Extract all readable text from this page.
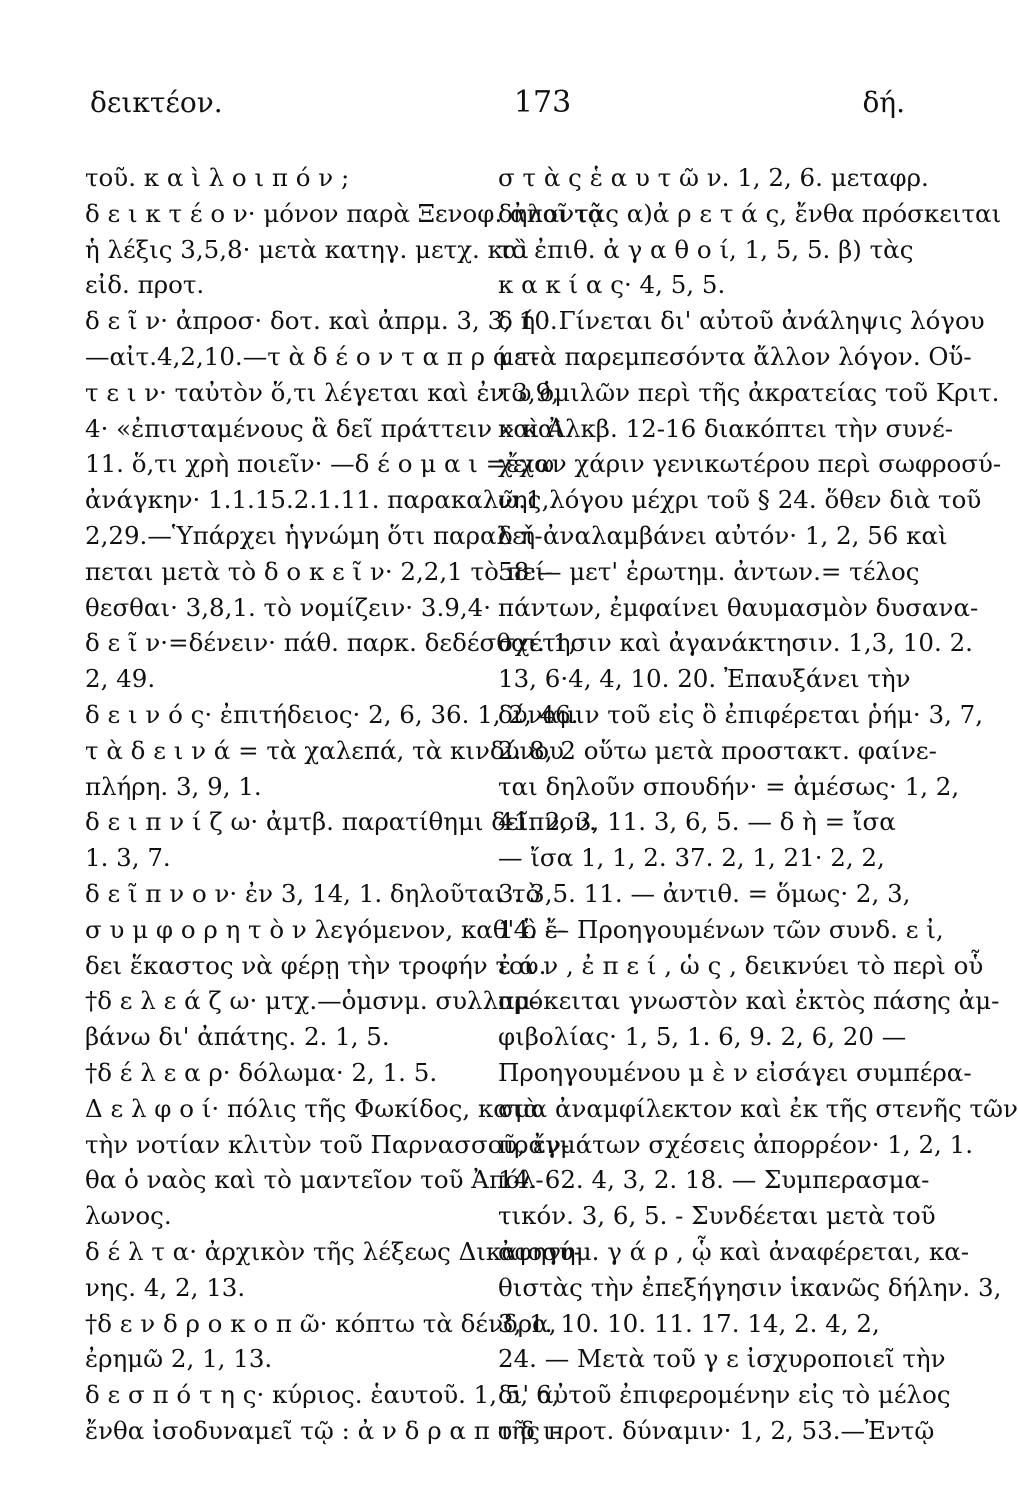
δεικτέον.	173	δή.
τοῦ. κ α ὶ λ ο ι π ό ν ;
δ ε ι κ τ έ ο ν· μόνον παρὰ Ξενοφ. ἀπαντᾷ
ἡ λέξις 3,5,8· μετὰ κατηγ. μετχ. καὶ
εἰδ. προτ.
δ ε ῖ ν· ἀπροσ· δοτ. καὶ ἀπρμ. 3, 3, 10.
—αἰτ.4,2,10.—τ ὰ δ έ ο ν τ α π ρ ά τ-
τ ε ι ν· ταὐτὸν ὅ,τι λέγεται καὶ ἐν 3,9,
4· «ἐπισταμένους ἃ δεῖ πράττειν » καὶ
11. ὅ,τι χρὴ ποιεῖν· —δ έ ο μ α ι =ἔχω
ἀνάγκην· 1.1.15.2.1.11. παρακαλῶ.1,
2,29.—Ὑπάρχει ἡγνώμη ὅτι παραλεί-
πεται μετὰ τὸ δ ο κ ε ῖ ν· 2,2,1 τὸ πεί-
θεσθαι· 3,8,1. τὸ νομίζειν· 3.9,4·
δ ε ῖ ν·=δένειν· πάθ. παρκ. δεδέσθαι. 1,
2, 49.
δ ε ι ν ό ς· ἐπιτήδειος· 2, 6, 36. 1, 2, 46.
τ ὰ δ ε ι ν ά = τὰ χαλεπά, τὰ κινδύνου
πλήρη. 3, 9, 1.
δ ε ι π ν ί ζ ω· ἀμτβ. παρατίθημι δεῖπνον.
1. 3, 7.
δ ε ῖ π ν ο ν· ἐν 3, 14, 1. δηλοῦται τὸ
σ υ μ φ ο ρ η τ ὸ ν λεγόμενον, καθ' ὃ ἔ-
δει ἕκαστος νὰ φέρῃ τὴν τροφήν του.
†δ ε λ ε ά ζ ω· μτχ.—ὁμσνμ. συλλαμ-
βάνω δι' ἀπάτης. 2. 1, 5.
†δ έ λ ε α ρ· δόλωμα· 2, 1. 5.
Δ ε λ φ ο ί· πόλις τῆς Φωκίδος, κατὰ
τὴν νοτίαν κλιτὺν τοῦ Παρνασσοῦ, ἔν-
θα ὁ ναὸς καὶ τὸ μαντεῖον τοῦ Ἀπόλ-
λωνος.
δ έ λ τ α· ἀρχικὸν τῆς λέξεως Δικαιοσύ-
νης. 4, 2, 13.
†δ ε ν δ ρ ο κ ο π ῶ· κόπτω τὰ δένδρα,
ἐρημῶ 2, 1, 13.
δ ε σ π ό τ η ς· κύριος. ἑαυτοῦ. 1, 5, 6,
ἔνθα ἰσοδυναμεῖ τῷ : ἀ ν δ ρ α π ο δ ι-
σ τ ὰ ς ἑ α υ τ ῶ ν. 1, 2, 6. μεταφρ.
δηλοῖ τὰς α)ἀ ρ ε τ ά ς, ἔνθα πρόσκειται
τὸ ἐπιθ. ἀ γ α θ ο ί, 1, 5, 5. β) τὰς
κ α κ ί α ς· 4, 5, 5.
δ ή · Γίνεται δι' αὐτοῦ ἀνάληψις λόγου
μετὰ παρεμπεσόντα ἄλλον λόγον. Οὕ-
τω ὁμιλῶν περὶ τῆς ἀκρατείας τοῦ Κριτ.
καὶ Ἀλκβ. 12-16 διακόπτει τὴν συνέ-
χειαν χάριν γενικωτέρου περὶ σωφροσύ-
νης λόγου μέχρι τοῦ § 24. ὅθεν διὰ τοῦ
δ ὴ ἀναλαμβάνει αὐτόν· 1, 2, 56 καὶ
58·— μετ' ἐρωτημ. ἀντων.= τέλος
πάντων, ἐμφαίνει θαυμασμὸν δυσανα-
σχέτησιν καὶ ἀγανάκτησιν. 1,3, 10. 2.
13, 6·4, 4, 10. 20. Ἐπαυξάνει τὴν
δύναμιν τοῦ εἰς ὃ ἐπιφέρεται ῥήμ· 3, 7,
2. 8, 2 οὕτω μετὰ προστακτ. φαίνε-
ται δηλοῦν σπουδήν· = ἀμέσως· 1, 2,
41. 2, 3, 11. 3, 6, 5. — δ ὴ = ἴσα
— ἴσα 1, 1, 2. 37. 2, 1, 21· 2, 2,
3. 3,5. 11. — ἀντιθ. = ὅμως· 2, 3,
14. — Προηγουμένων τῶν συνδ. ε ἰ,
ἐ ά ν , ἐ π ε ί , ὡ ς , δεικνύει τὸ περὶ οὗ
πρόκειται γνωστὸν καὶ ἐκτὸς πάσης ἀμ-
φιβολίας· 1, 5, 1. 6, 9. 2, 6, 20 —
Προηγουμένου μ ὲ ν εἰσάγει συμπέρα-
σμα ἀναμφίλεκτον καὶ ἐκ τῆς στενῆς τῶν
πραγμάτων σχέσεις ἀπορρέον· 1, 2, 1.
14. 62. 4, 3, 2. 18. — Συμπερασμα-
τικόν. 3, 6, 5. - Συνδέεται μετὰ τοῦ
ἀφηγημ. γ ά ρ , ᾧ καὶ ἀναφέρεται, κα-
θιστὰς τὴν ἐπεξήγησιν ἱκανῶς δήλην. 3,
3, 1. 10. 10. 11. 17. 14, 2. 4, 2,
24. — Μετὰ τοῦ γ ε ἰσχυροποιεῖ τὴν
δι' αὐτοῦ ἐπιφερομένην εἰς τὸ μέλος
τῆς προτ. δύναμιν· 1, 2, 53.—Ἐντῷ
